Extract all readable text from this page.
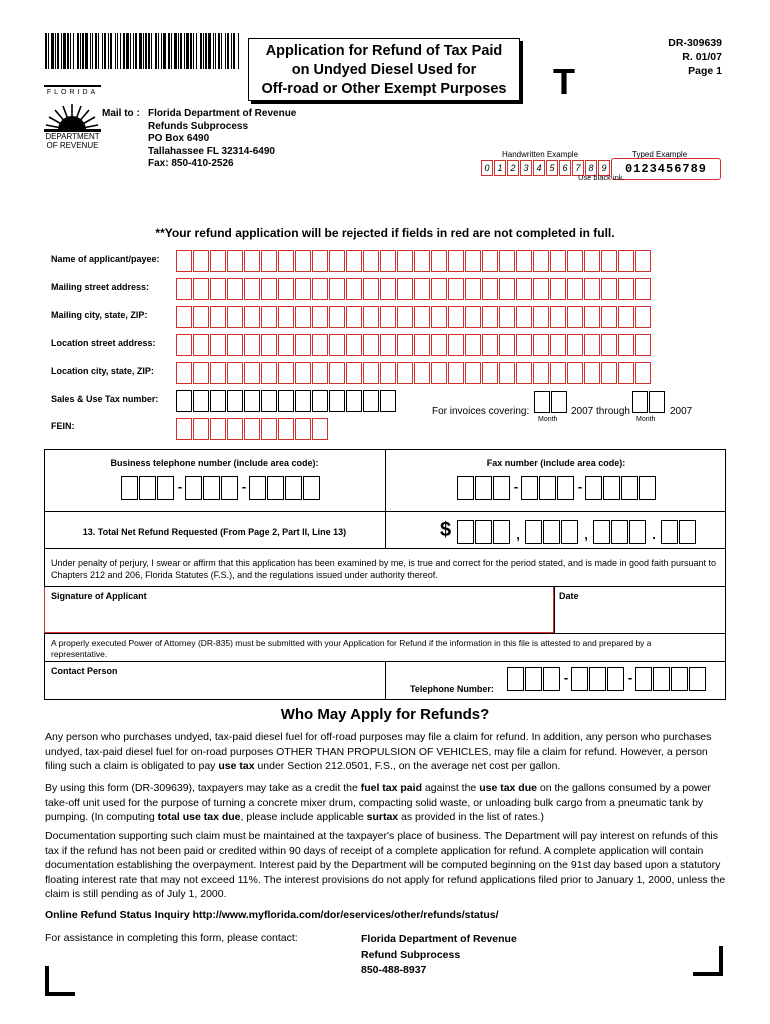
FLORIDA
DEPARTMENT
OF REVENUE
Application for Refund of Tax Paid
on Undyed Diesel Used for
Off-road or Other Exempt Purposes	T
DR-309639
R. 01/07
Page 1
Mail to : Florida Department of Revenue
Refunds Subprocess
PO Box 6490
Tallahassee FL 32314-6490
Fax: 850-410-2526
Handwritten Example	Typed Example
0 1 2 3 4 5 6 7 8 9 0123456789
Use black ink.
**Your refund application will be rejected if fields in red are not completed in full.
Name of applicant/payee:
Mailing street address:
Mailing city, state, ZIP:
Location street address:
Location city, state, ZIP:
Sales & Use Tax number:
For invoices covering:	2007 through	2007
Month	Month
FEIN:
Business telephone number (include area code):	Fax number (include area code):
-	-	-	-
13. Total Net Refund Requested (From Page 2, Part II, Line 13)	$	,	,	.
Under penalty of perjury, I swear or affirm that this application has been examined by me, is true and correct for the period stated, and is made in good faith pursuant to Chapters 212 and 206, Florida Statutes (F.S.), and the regulations issued under authority thereof.
Signature of Applicant	Date
A properly executed Power of Attorney (DR-835) must be submitted with your Application for Refund if the information in this file is attested to and prepared by a representative.
Contact Person
Telephone Number:
-	-
Who May Apply for Refunds?
Any person who purchases undyed, tax-paid diesel fuel for off-road purposes may file a claim for refund. In addition, any person who purchases undyed, tax-paid diesel fuel for on-road purposes OTHER THAN PROPULSION OF VEHICLES, may file a claim for refund. However, a person filing such a claim is obligated to pay use tax under Section 212.0501, F.S., on the average net cost per gallon.
By using this form (DR-309639), taxpayers may take as a credit the fuel tax paid against the use tax due on the gallons consumed by a power take-off unit used for the purpose of turning a concrete mixer drum, compacting solid waste, or unloading bulk cargo from a pneumatic tank by pumping. (In computing total use tax due, please include applicable surtax as provided in the list of rates.)
Documentation supporting such claim must be maintained at the taxpayer's place of business. The Department will pay interest on refunds of this tax if the refund has not been paid or credited within 90 days of receipt of a complete application for refund. A complete application will contain documentation establishing the overpayment. Interest paid by the Department will be computed beginning on the 91st day based upon a statutory floating interest rate that may not exceed 11%. The interest provisions do not apply for refund applications filed prior to January 1, 2000, unless the claim is still pending as of July 1, 2000.
Online Refund Status Inquiry http://www.myflorida.com/dor/eservices/other/refunds/status/
For assistance in completing this form, please contact:	Florida Department of Revenue
Refund Subprocess
850-488-8937
